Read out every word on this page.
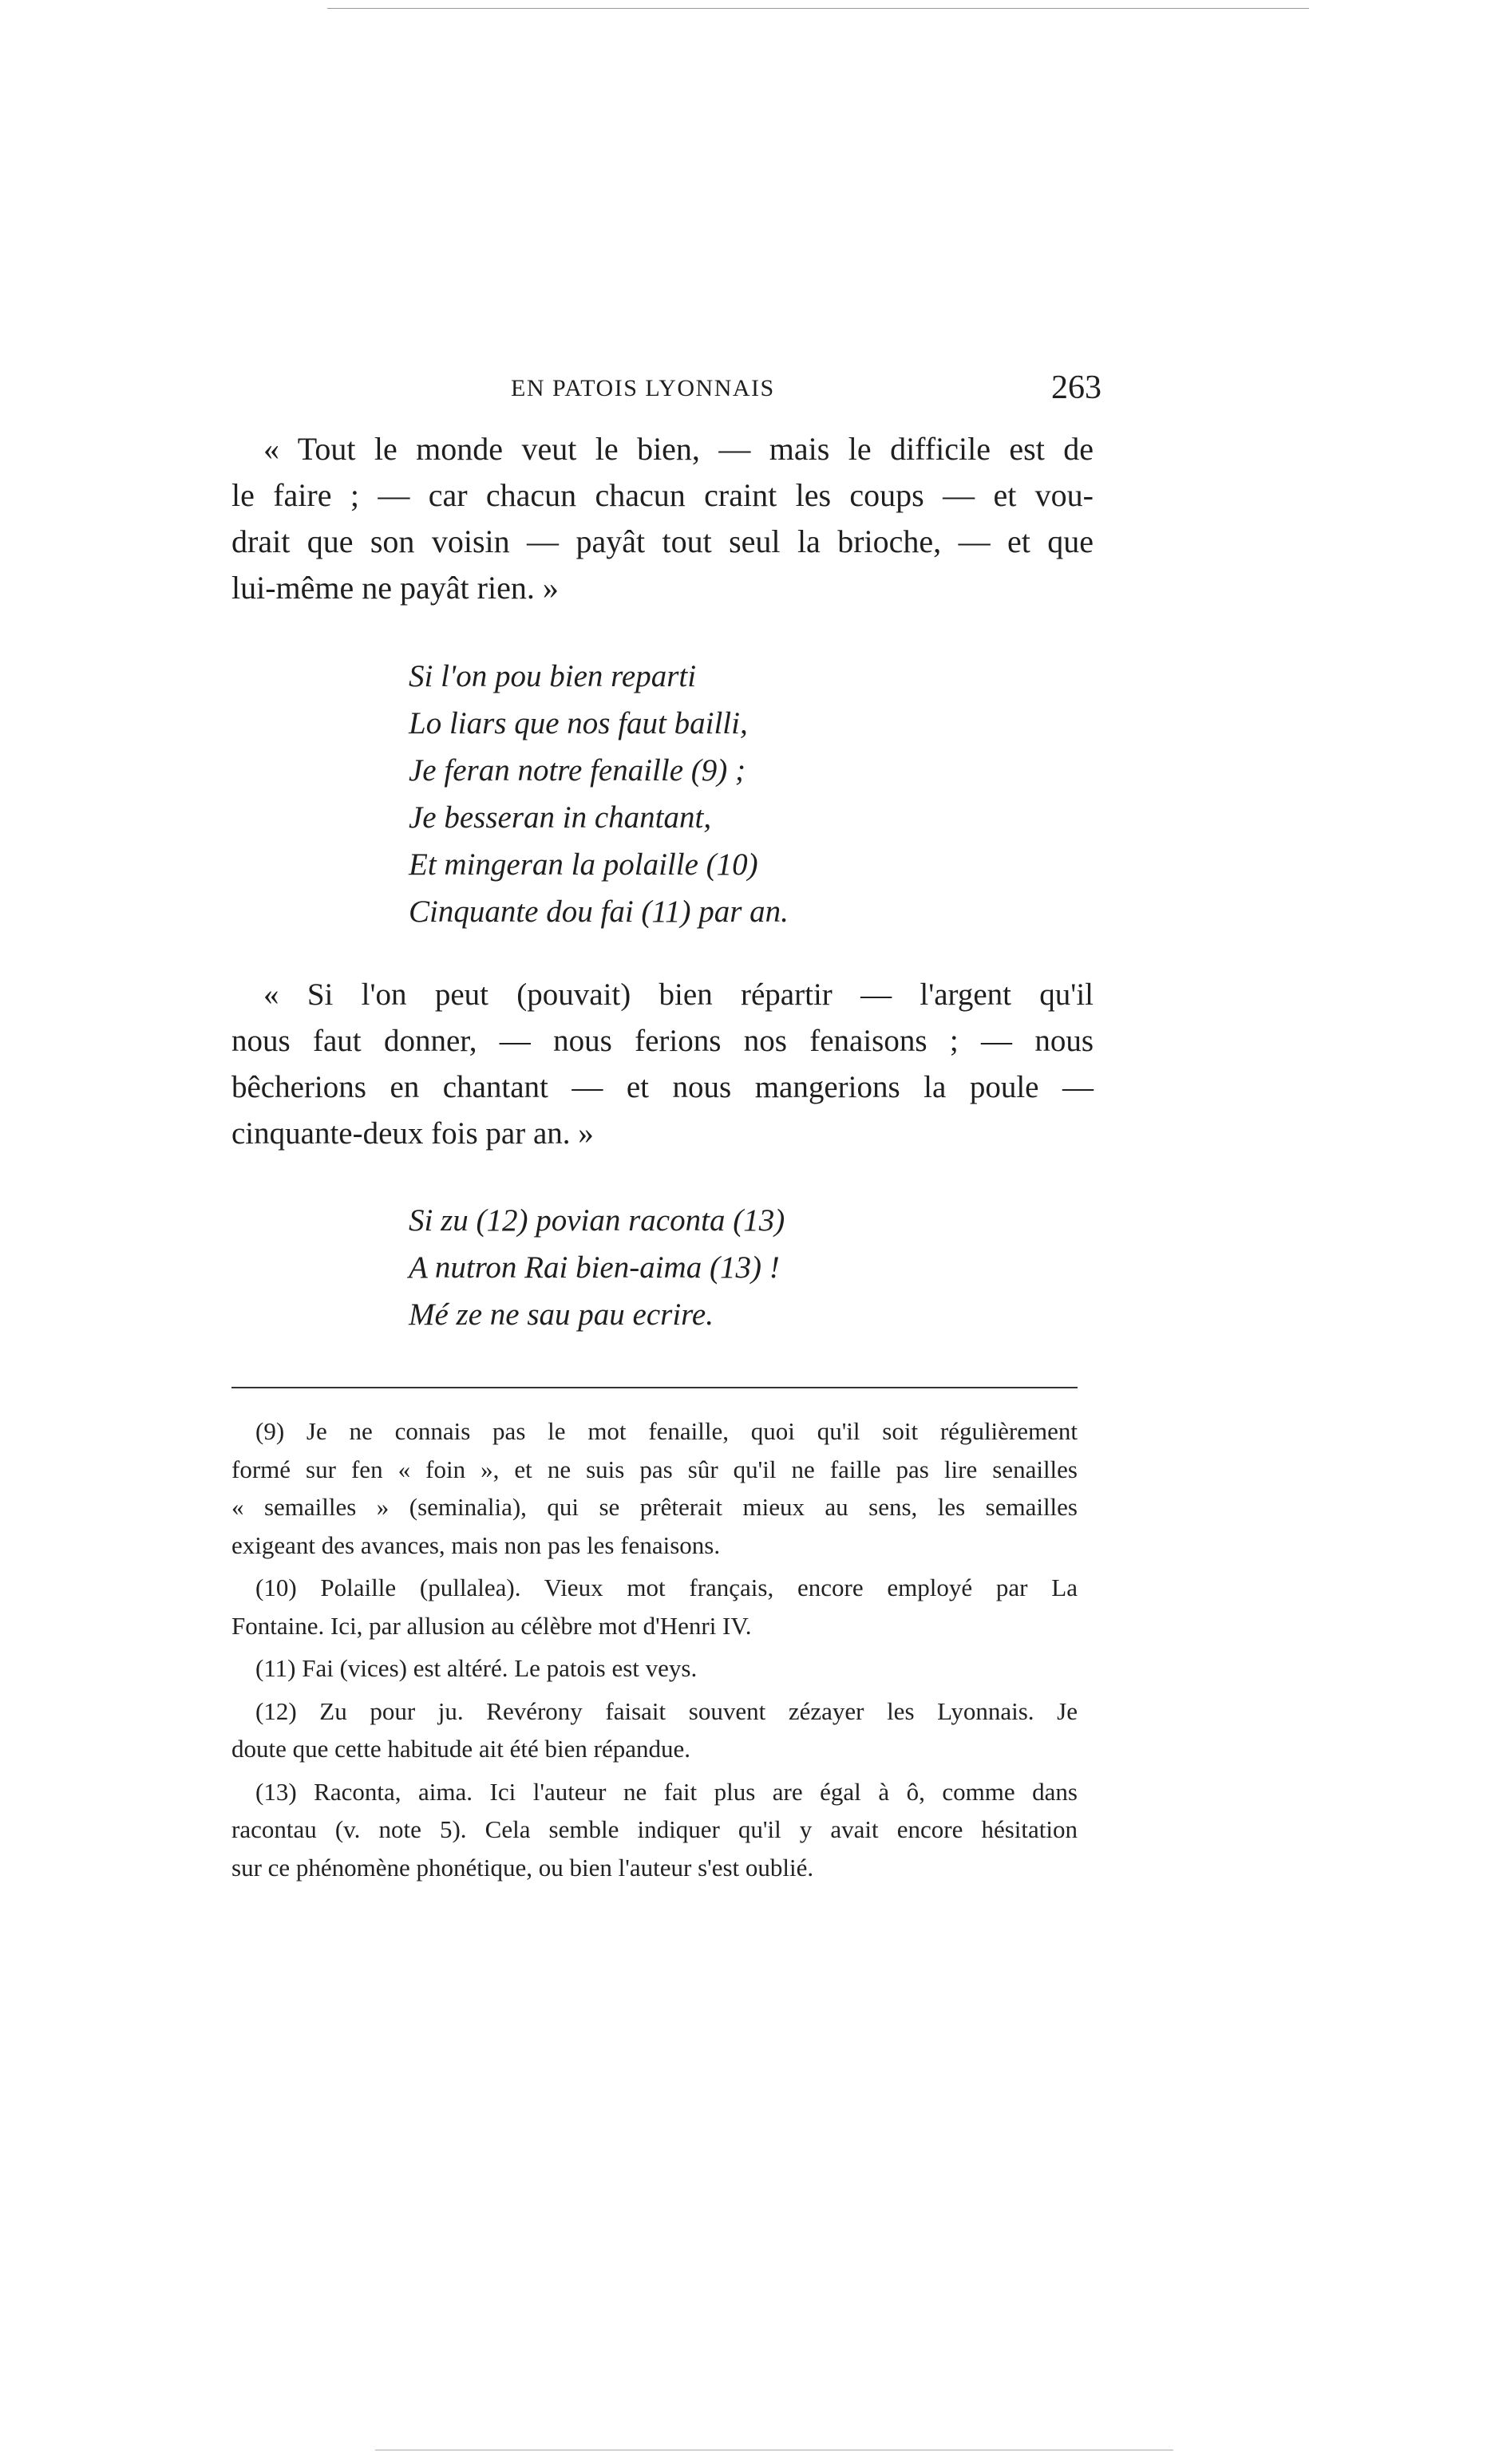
EN PATOIS LYONNAIS	263

« Tout le monde veut le bien, — mais le difficile est de
le faire ; — car chacun chacun craint les coups — et vou-
drait que son voisin — payât tout seul la brioche, — et que
lui-même ne payât rien. »

Si l'on pou bien reparti
Lo liars que nos faut bailli,
Je feran notre fenaille (9) ;
Je besseran in chantant,
Et mingeran la polaille (10)
Cinquante dou fai (11) par an.

« Si l'on peut (pouvait) bien répartir — l'argent qu'il
nous faut donner, — nous ferions nos fenaisons ; — nous
bêcherions en chantant — et nous mangerions la poule —
cinquante-deux fois par an. »

Si zu (12) povian raconta (13)
A nutron Rai bien-aima (13) !
Mé ze ne sau pau ecrire.
(9) Je ne connais pas le mot fenaille, quoi qu'il soit régulièrement
formé sur fen « foin », et ne suis pas sûr qu'il ne faille pas lire senailles
« semailles » (seminalia), qui se prêterait mieux au sens, les semailles
exigeant des avances, mais non pas les fenaisons.
(10) Polaille (pullalea). Vieux mot français, encore employé par La
Fontaine. Ici, par allusion au célèbre mot d'Henri IV.
(11) Fai (vices) est altéré. Le patois est veys.
(12) Zu pour ju. Revérony faisait souvent zézayer les Lyonnais. Je
doute que cette habitude ait été bien répandue.
(13) Raconta, aima. Ici l'auteur ne fait plus are égal à ô, comme dans
racontau (v. note 5). Cela semble indiquer qu'il y avait encore hésitation
sur ce phénomène phonétique, ou bien l'auteur s'est oublié.
